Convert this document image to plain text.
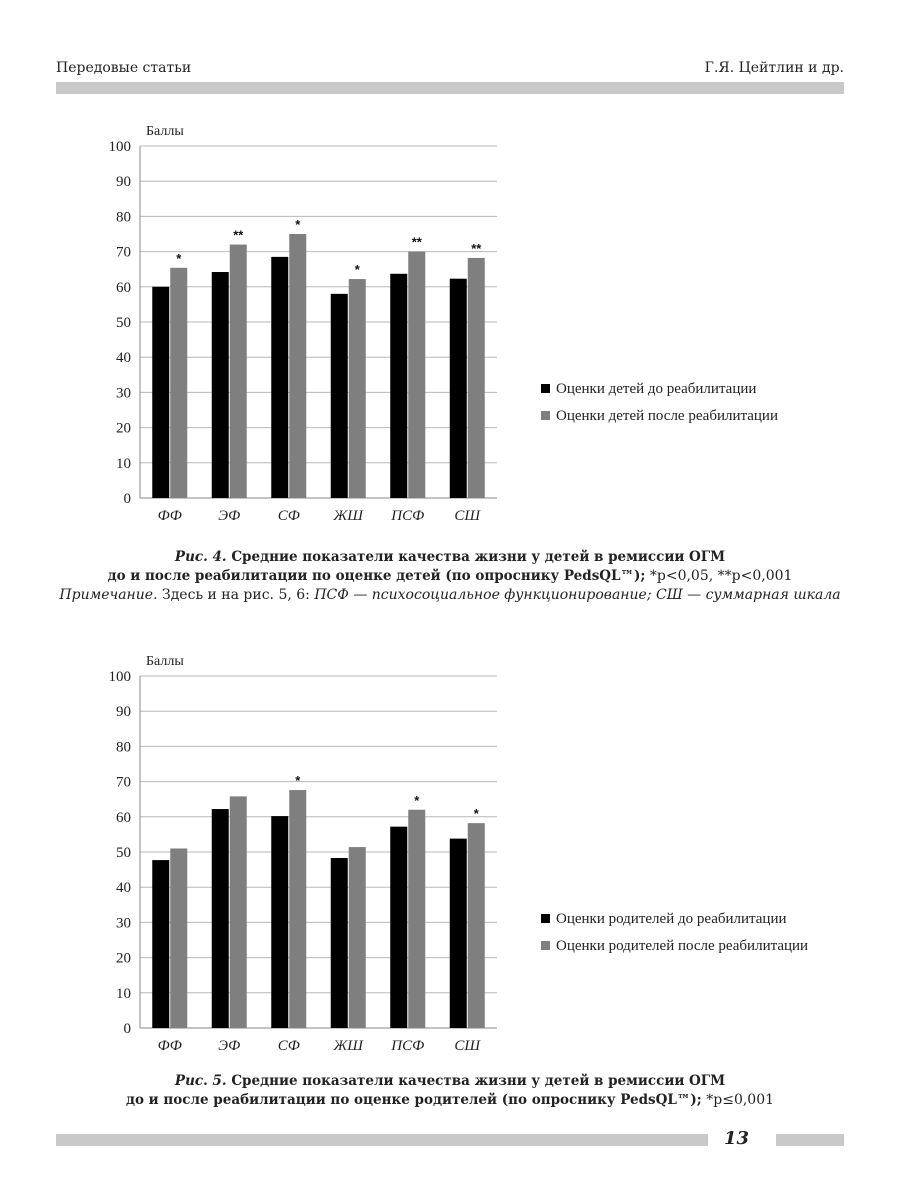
Передовые статьи	Г.Я. Цейтлин и др.
Баллы
0
10
20
30
40
50
60
70
80
90
100
*
ФФ
**
ЭФ
*
СФ
*
ЖШ
**
ПСФ
**
СШ
Оценки детей до реабилитации
Оценки детей после реабилитации
Рис. 4. Средние показатели качества жизни у детей в ремиссии ОГМ
до и после реабилитации по оценке детей (по опроснику PedsQL™); *p<0,05, **p<0,001
Примечание. Здесь и на рис. 5, 6: ПСФ — психосоциальное функционирование; СШ — суммарная шкала
Баллы
0
10
20
30
40
50
60
70
80
90
100
ФФ ЭФ
*
СФ ЖШ
*
ПСФ
*
СШ
Оценки родителей до реабилитации
Оценки родителей после реабилитации
Рис. 5. Средние показатели качества жизни у детей в ремиссии ОГМ
до и после реабилитации по оценке родителей (по опроснику PedsQL™); *p≤0,001
13
